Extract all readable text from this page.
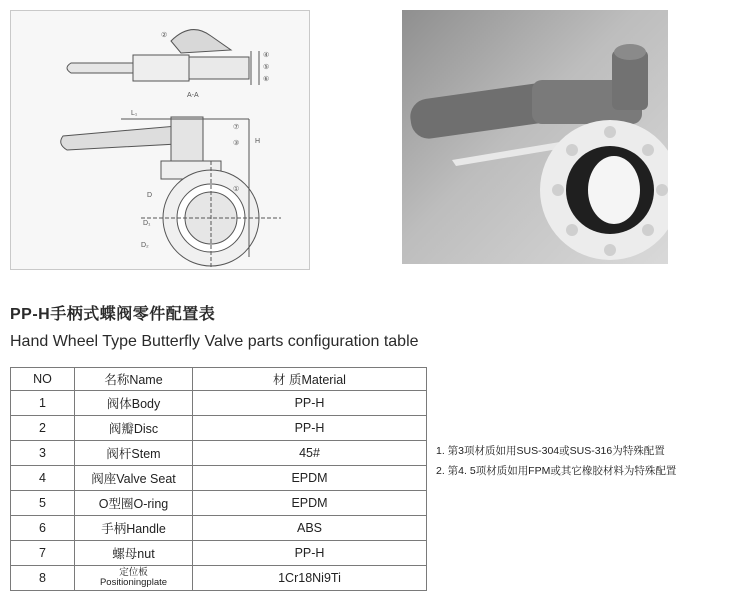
A-A
L₁
H
D
D₁
D₂
②
④
⑤
⑥
⑦
③
①
PP-H手柄式蝶阀零件配置表
Hand Wheel Type Butterfly Valve parts configuration table
NO	名称Name	材 质Material
1	阀体Body	PP-H
2	阀瓣Disc	PP-H
3	阀杆Stem	45#
4	阀座Valve Seat	EPDM
5	O型圈O-ring	EPDM
6	手柄Handle	ABS
7	螺母nut	PP-H
8	定位板
Positioningplate	1Cr18Ni9Ti
1. 第3项材质如用SUS-304或SUS-316为特殊配置
2. 第4. 5项材质如用FPM或其它橡胶材料为特殊配置
